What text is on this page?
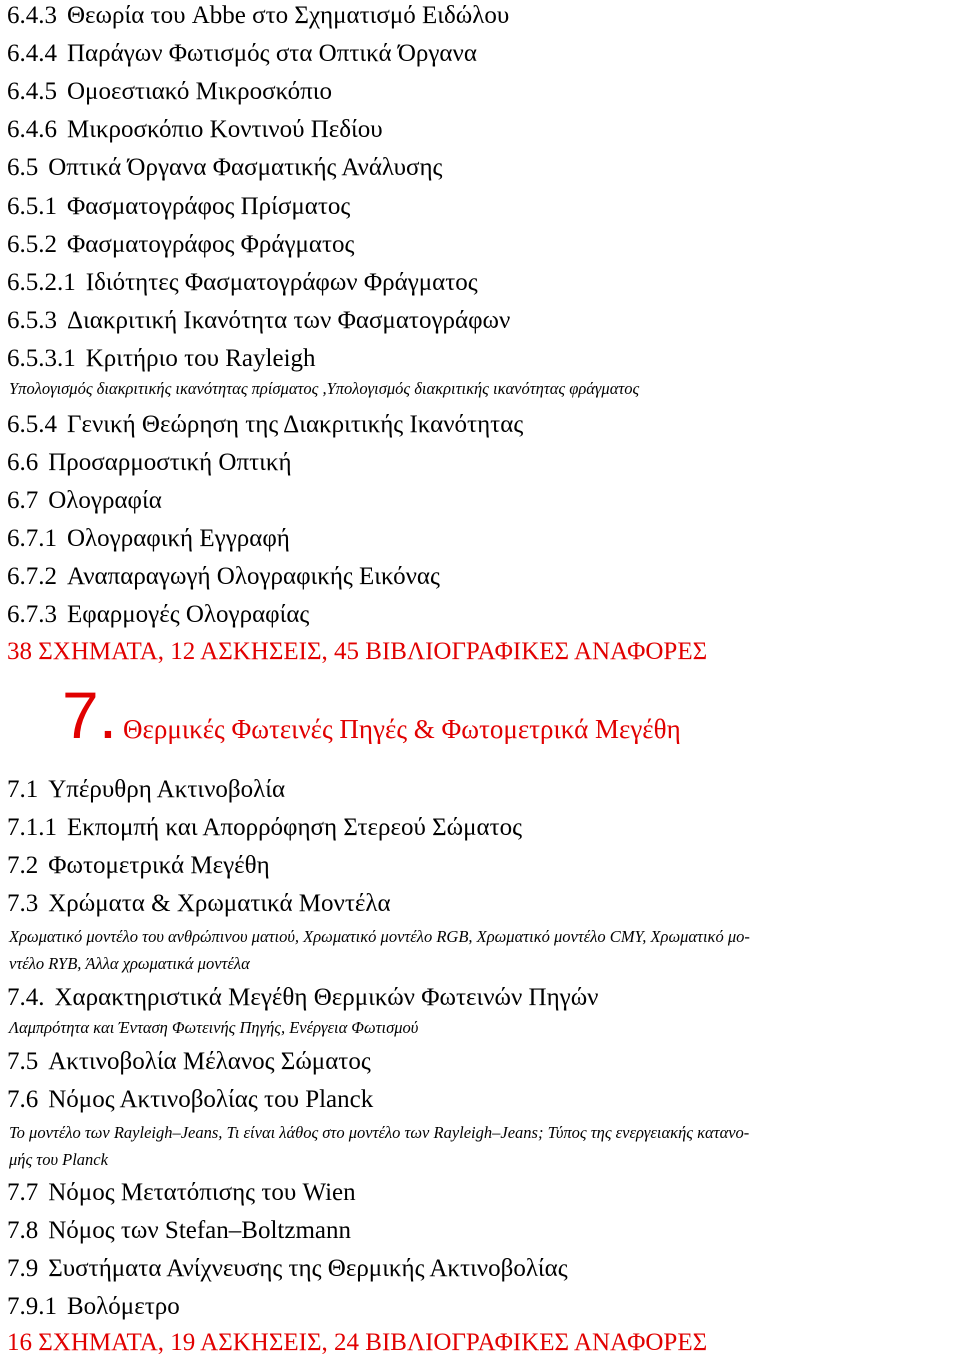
6.4.3 Θεωρία του Abbe στο Σχηματισμό Ειδώλου
6.4.4 Παράγων Φωτισμός στα Οπτικά Όργανα
6.4.5 Ομοεστιακό Μικροσκόπιο
6.4.6 Μικροσκόπιο Κοντινού Πεδίου
6.5 Οπτικά Όργανα Φασματικής Ανάλυσης
6.5.1 Φασματογράφος Πρίσματος
6.5.2 Φασματογράφος Φράγματος
6.5.2.1 Ιδιότητες Φασματογράφων Φράγματος
6.5.3 Διακριτική Ικανότητα των Φασματογράφων
6.5.3.1 Κριτήριο του Rayleigh
Υπολογισμός διακριτικής ικανότητας πρίσματος ,Υπολογισμός διακριτικής ικανότητας φράγματος
6.5.4 Γενική Θεώρηση της Διακριτικής Ικανότητας
6.6 Προσαρμοστική Οπτική
6.7 Ολογραφία
6.7.1 Ολογραφική Εγγραφή
6.7.2 Αναπαραγωγή Ολογραφικής Εικόνας
6.7.3 Εφαρμογές Ολογραφίας
38 ΣΧΗΜΑΤΑ, 12 ΑΣΚΗΣΕΙΣ, 45 ΒΙΒΛΙΟΓΡΑΦΙΚΕΣ ΑΝΑΦΟΡΕΣ
7. Θερμικές Φωτεινές Πηγές & Φωτομετρικά Μεγέθη
7.1 Υπέρυθρη Ακτινοβολία
7.1.1 Εκπομπή και Απορρόφηση Στερεού Σώματος
7.2 Φωτομετρικά Μεγέθη
7.3 Χρώματα & Χρωματικά Μοντέλα
Χρωματικό μοντέλο του ανθρώπινου ματιού, Χρωματικό μοντέλο RGB, Χρωματικό μοντέλο CMY, Χρωματικό μο-
ντέλο RYB, Άλλα χρωματικά μοντέλα
7.4. Χαρακτηριστικά Μεγέθη Θερμικών Φωτεινών Πηγών
Λαμπρότητα και Ένταση Φωτεινής Πηγής, Ενέργεια Φωτισμού
7.5 Ακτινοβολία Μέλανος Σώματος
7.6 Νόμος Ακτινοβολίας του Planck
Το μοντέλο των Rayleigh–Jeans, Τι είναι λάθος στο μοντέλο των Rayleigh–Jeans; Τύπος της ενεργειακής κατανο-
μής του Planck
7.7 Νόμος Μετατόπισης του Wien
7.8 Νόμος των Stefan–Boltzmann
7.9 Συστήματα Ανίχνευσης της Θερμικής Ακτινοβολίας
7.9.1 Βολόμετρο
16 ΣΧΗΜΑΤΑ, 19 ΑΣΚΗΣΕΙΣ, 24 ΒΙΒΛΙΟΓΡΑΦΙΚΕΣ ΑΝΑΦΟΡΕΣ
